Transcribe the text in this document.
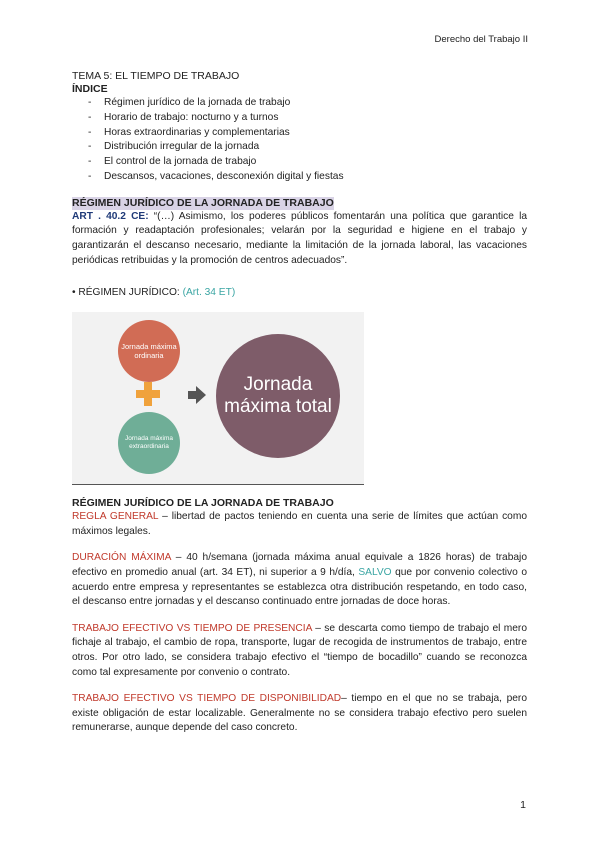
Derecho del Trabajo II

TEMA 5: EL TIEMPO DE TRABAJO

ÍNDICE

- Régimen jurídico de la jornada de trabajo
- Horario de trabajo: nocturno y a turnos
- Horas extraordinarias y complementarias
- Distribución irregular de la jornada
- El control de la jornada de trabajo
- Descansos, vacaciones, desconexión digital y fiestas
RÉGIMEN JURÍDICO DE LA JORNADA DE TRABAJO

ART . 40.2 CE: “(…) Asimismo, los poderes públicos fomentarán una política que garantice la formación y readaptación profesionales; velarán por la seguridad e higiene en el trabajo y garantizarán el descanso necesario, mediante la limitación de la jornada laboral, las vacaciones periódicas retribuidas y la promoción de centros adecuados”.

• RÉGIMEN JURÍDICO: (Art. 34 ET)
Jornada máxima ordinaria
Jornada máxima extraordinaria
Jornada máxima total
RÉGIMEN JURÍDICO DE LA JORNADA DE TRABAJO

REGLA GENERAL – libertad de pactos teniendo en cuenta una serie de límites que actúan como máximos legales.

DURACIÓN MÁXIMA – 40 h/semana (jornada máxima anual equivale a 1826 horas) de trabajo efectivo en promedio anual (art. 34 ET), ni superior a 9 h/día, SALVO que por convenio colectivo o acuerdo entre empresa y representantes se establezca otra distribución respetando, en todo caso, el descanso entre jornadas y el descanso continuado entre jornadas de doce horas.

TRABAJO EFECTIVO VS TIEMPO DE PRESENCIA – se descarta como tiempo de trabajo el mero fichaje al trabajo, el cambio de ropa, transporte, lugar de recogida de instrumentos de trabajo, entre otros. Por otro lado, se considera trabajo efectivo el “tiempo de bocadillo” cuando se reconozca como tal expresamente por convenio o contrato.

TRABAJO EFECTIVO VS TIEMPO DE DISPONIBILIDAD– tiempo en el que no se trabaja, pero existe obligación de estar localizable. Generalmente no se considera trabajo efectivo pero suelen remunerarse, aunque depende del caso concreto.

1
